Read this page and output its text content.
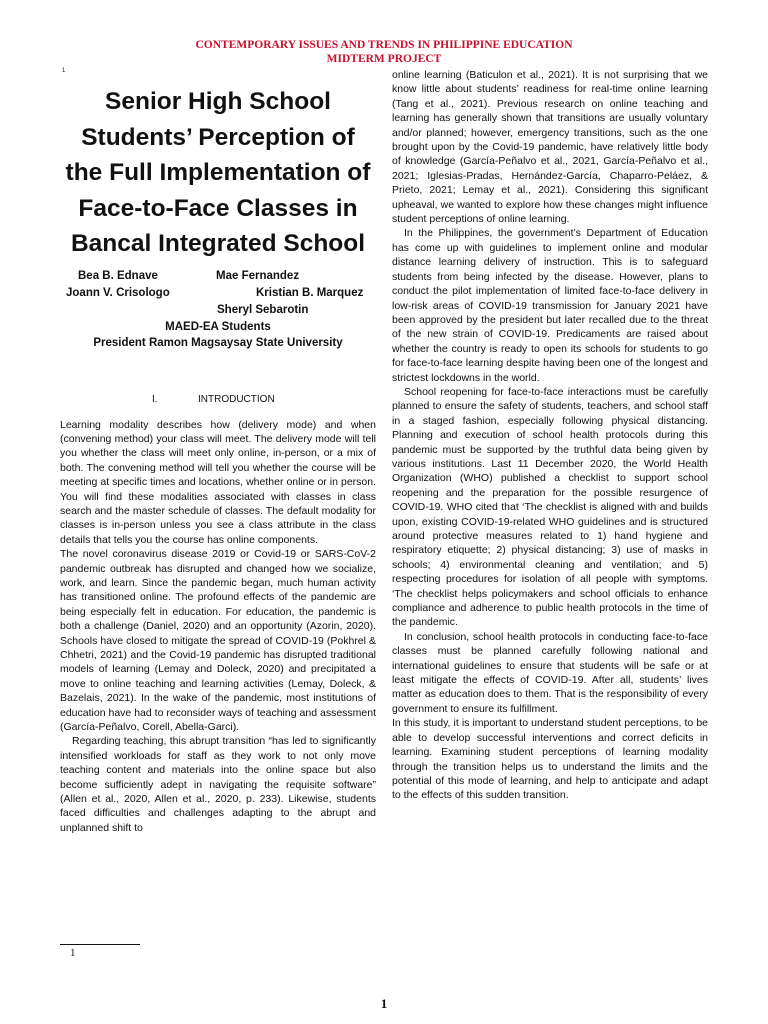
CONTEMPORARY ISSUES AND TRENDS IN PHILIPPINE EDUCATION
MIDTERM PROJECT
1
Senior High School Students’ Perception of the Full Implementation of Face-to-Face Classes in Bancal Integrated School
Bea B. Ednave	Mae Fernandez
Joann V. Crisologo	Kristian B. Marquez
Sheryl Sebarotin
MAED-EA Students
President Ramon Magsaysay State University
I.	INTRODUCTION

Learning modality describes how (delivery mode) and when (convening method) your class will meet. The delivery mode will tell you whether the class will meet only online, in-person, or a mix of both. The convening method will tell you whether the course will be meeting at specific times and locations, whether online or in person. You will find these modalities associated with classes in class search and the master schedule of classes. The default modality for classes is in-person unless you see a class attribute in the class details that tells you the course has online components.

The novel coronavirus disease 2019 or Covid-19 or SARS-CoV-2 pandemic outbreak has disrupted and changed how we socialize, work, and learn. Since the pandemic began, much human activity has transitioned online. The profound effects of the pandemic are being especially felt in education. For education, the pandemic is both a challenge (Daniel, 2020) and an opportunity (Azorin, 2020). Schools have closed to mitigate the spread of COVID-19 (Pokhrel & Chhetri, 2021) and the Covid-19 pandemic has disrupted traditional models of learning (Lemay and Doleck, 2020) and precipitated a move to online teaching and learning activities (Lemay, Doleck, & Bazelais, 2021). In the wake of the pandemic, most institutions of education have had to reconsider ways of teaching and assessment (García-Peñalvo, Corell, Abella-Garci).

Regarding teaching, this abrupt transition “has led to significantly intensified workloads for staff as they work to not only move teaching content and materials into the online space but also become sufficiently adept in navigating the requisite software” (Allen et al., 2020, Allen et al., 2020, p. 233). Likewise, students faced difficulties and challenges adapting to the abrupt and unplanned shift to

online learning (Baticulon et al., 2021). It is not surprising that we know little about students’ readiness for real-time online learning (Tang et al., 2021). Previous research on online teaching and learning has generally shown that transitions are usually voluntary and/or planned; however, emergency transitions, such as the one brought upon by the Covid-19 pandemic, have relatively little body of knowledge (García-Peñalvo et al., 2021, García-Peñalvo et al., 2021; Iglesias-Pradas, Hernández-García, Chaparro-Peláez, & Prieto, 2021; Lemay et al., 2021). Considering this significant upheaval, we wanted to explore how these changes might influence student perceptions of online learning.

In the Philippines, the government’s Department of Education has come up with guidelines to implement online and modular distance learning delivery of instruction. This is to safeguard students from being infected by the disease. However, plans to conduct the pilot implementation of limited face-to-face delivery in low-risk areas of COVID-19 transmission for January 2021 have been approved by the president but later recalled due to the threat of the new strain of COVID-19. Predicaments are raised about whether the country is ready to open its schools for students to go for face-to-face learning despite having been one of the longest and strictest lockdowns in the world.

School reopening for face-to-face interactions must be carefully planned to ensure the safety of students, teachers, and school staff in a staged fashion, especially following physical distancing. Planning and execution of school health protocols during this pandemic must be supported by the truthful data being given by various institutions. Last 11 December 2020, the World Health Organization (WHO) published a checklist to support school reopening and the preparation for the possible resurgence of COVID-19. WHO cited that ‘The checklist is aligned with and builds upon, existing COVID-19-related WHO guidelines and is structured around protective measures related to 1) hand hygiene and respiratory etiquette; 2) physical distancing; 3) use of masks in schools; 4) environmental cleaning and ventilation; and 5) respecting procedures for isolation of all people with symptoms. ‘The checklist helps policymakers and school officials to enhance compliance and adherence to public health protocols in the time of the pandemic.

In conclusion, school health protocols in conducting face-to-face classes must be planned carefully following national and international guidelines to ensure that students will be safe or at least mitigate the effects of COVID-19. After all, students’ lives matter as education does to them. That is the responsibility of every government to ensure its fulfillment.

In this study, it is important to understand student perceptions, to be able to develop successful interventions and correct deficits in learning. Examining student perceptions of learning modality through the transition helps us to understand the limits and the potential of this mode of learning, and help to anticipate and adapt to the effects of this sudden transition.

1
1
